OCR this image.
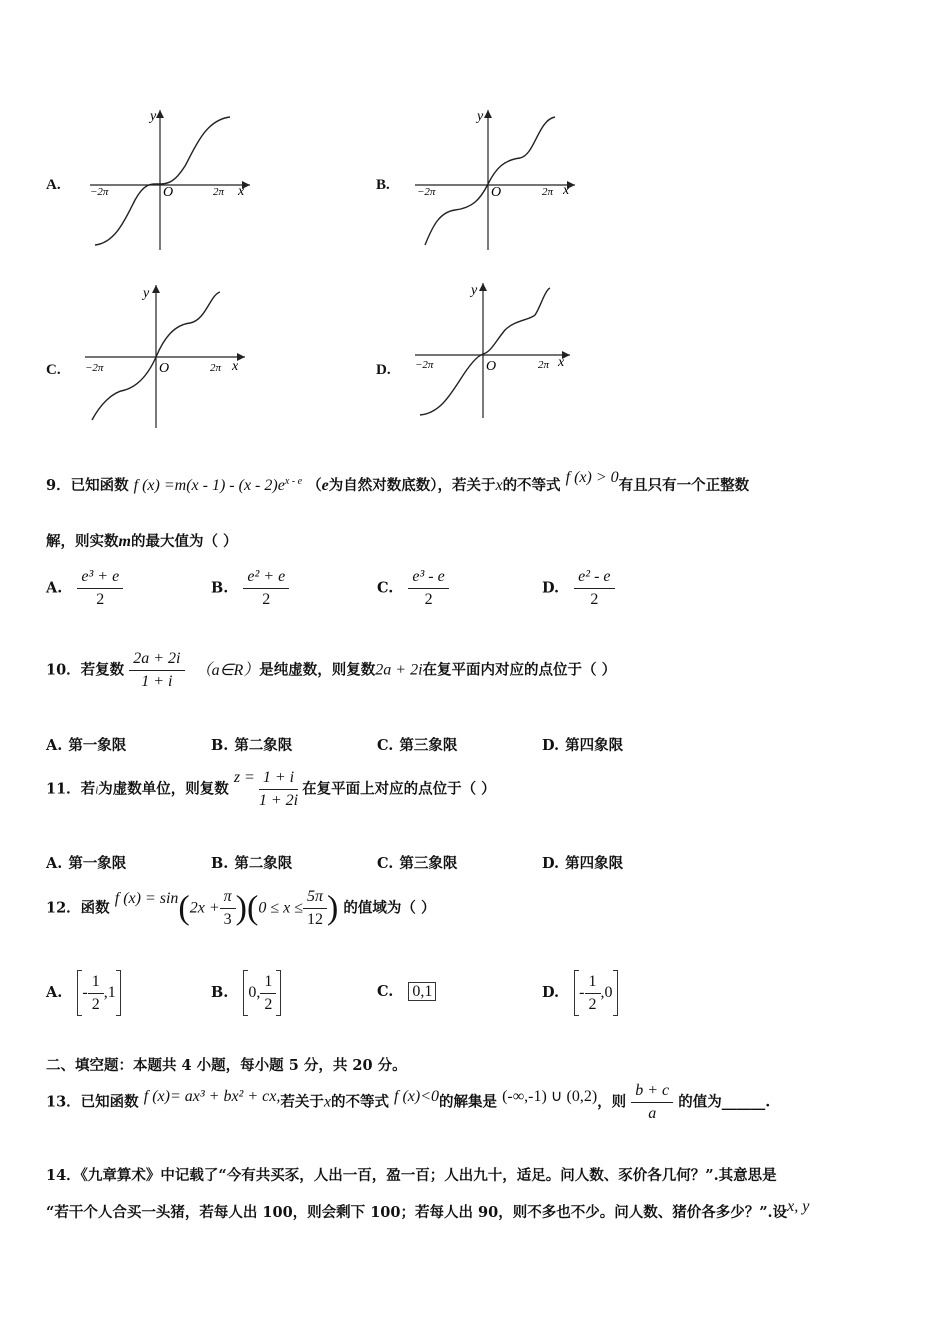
A.
y
x
O
−2π	2π	B.
y
x
O
−2π	2π
C.
y
x
O
−2π	2π	D.
y
x
O
−2π	2π
9．已知函数 f $(x) =m(x - 1) - (x - 2)e^{x - e}$ （e为自然对数底数），若关于x的不等式 f (x) > 0有且只有一个正整数
解，则实数m的最大值为（ ）
A. $\frac{\text{e³ + e}}{2}$	B. $\frac{\text{e² + e}}{2}$	C. $\frac{\text{e³ - e}}{2}$	D. $\frac{\text{e² - e}}{2}$
10．若复数 $\frac{2a + 2i}{1 + i}$ （a∈R）是纯虚数，则复数2a + 2i在复平面内对应的点位于（ ）
A. 第一象限	B. 第二象限	C. 第三象限	D. 第四象限
11．若i为虚数单位，则复数 $z = \frac{1 + i}{1 + 2i}$ 在复平面上对应的点位于（ ）
A. 第一象限	B. 第二象限	C. 第三象限	D. 第四象限
12．函数 f $(x) = \sin(2x + \frac{\pi}{3} )(0 \le x \le \frac{5\pi}{12}$ ) 的值域为（ ）
A. - $\frac{1}{2} ,1$	B. 0, $\frac{1}{2}$	C. 0,1	D. - $\frac{1}{2} ,0$
二、填空题：本题共 4 小题，每小题 5 分，共 20 分。
13．已知函数 f (x)= ax³ + bx² + cx,若关于x的不等式 f (x)<0的解集是 (-∞,-1) ∪ (0,2)，则 $\frac{b + c}{a}$ 的值为______.
14．《九章算术》中记载了“今有共买豕，人出一百，盈一百；人出九十，适足。问人数、豕价各几何？”.其意思是
“若干个人合买一头猪，若每人出 100，则会剩下 100；若每人出 90，则不多也不少。问人数、猪价各多少？”.设x, y
